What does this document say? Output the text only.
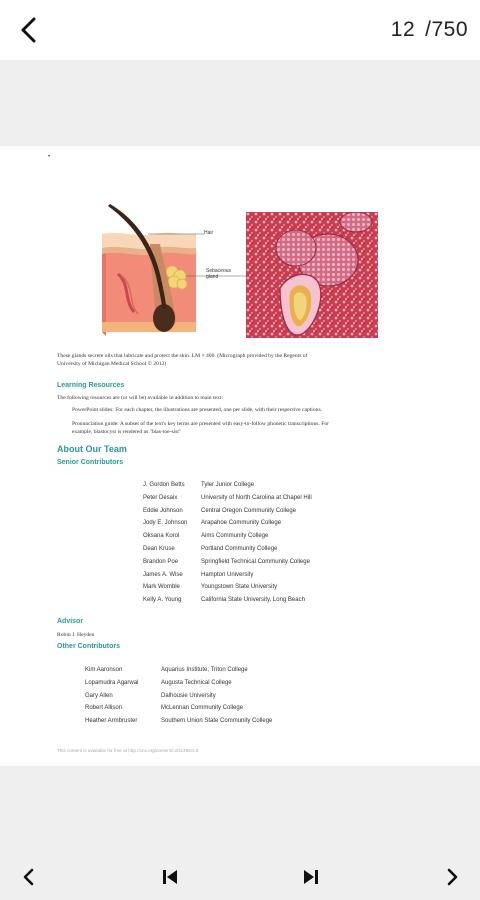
12 /750
•
Hair
Sebaceous
gland
These glands secrete oils that lubricate and protect the skin. LM × 400. (Micrograph provided by the Regents of
University of Michigan Medical School © 2012)
Learning Resources
The following resources are (or will be) available in addition to main text:
PowerPoint slides: For each chapter, the illustrations are presented, one per slide, with their respective captions.
Pronunciation guide: A subset of the text's key terms are presented with easy-to-follow phonetic transcriptions. For
example, blastocyst is rendered as "blas-toe-sist"
About Our Team
Senior Contributors
J. Gordon Betts	Tyler Junior College
Peter Desaix	University of North Carolina at Chapel Hill
Eddie Johnson	Central Oregon Community College
Jody E. Johnson	Arapahoe Community College
Oksana Korol	Aims Community College
Dean Kruse	Portland Community College
Brandon Poe	Springfield Technical Community College
James A. Wise	Hampton University
Mark Womble	Youngstown State University
Kelly A. Young	California State University, Long Beach
Advisor
Robin J. Heyden
Other Contributors
Kim Aaronson	Aquarius Institute; Triton College
Lopamudra Agarwal	Augusta Technical College
Gary Allen	Dalhousie University
Robert Allison	McLennan Community College
Heather Armbruster	Southern Union State Community College
This content is available for free at http://cnx.org/content/col11496/1.6
